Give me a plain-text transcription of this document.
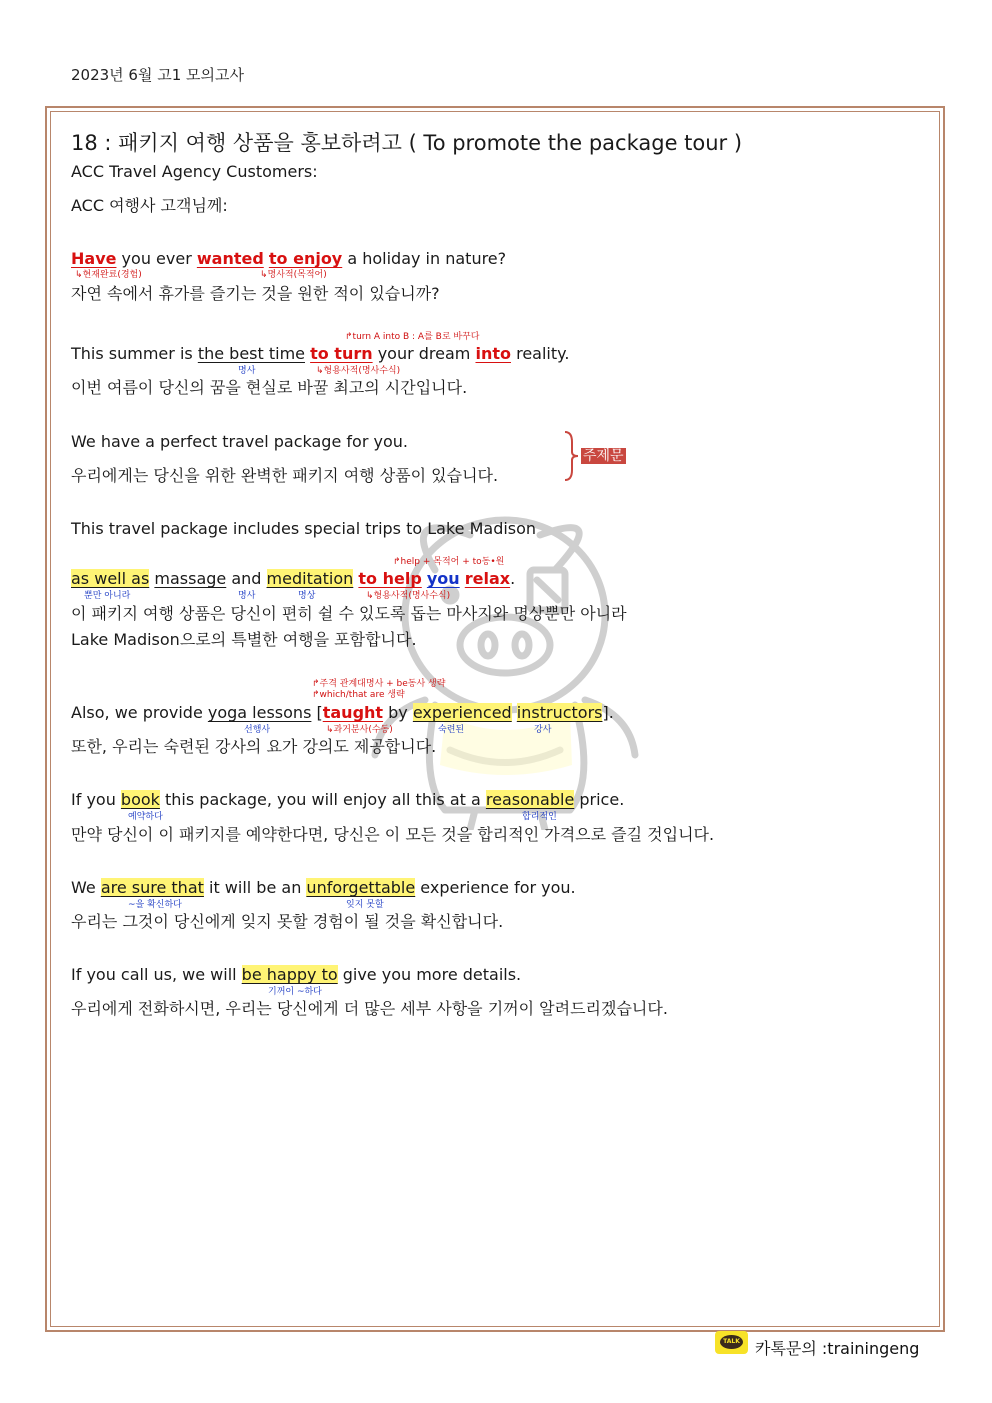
2023년 6월 고1 모의고사
18 : 패키지 여행 상품을 홍보하려고 ( To promote the package tour )
ACC Travel Agency Customers:
ACC 여행사 고객님께:
Have you ever wanted to enjoy a holiday in nature?
↳현재완료(경험)	↳명사적(목적어)
자연 속에서 휴가를 즐기는 것을 원한 적이 있습니까?
↱turn A into B : A를 B로 바꾸다
This summer is the best time to turn your dream into reality.
명사	↳형용사적(명사수식)
이번 여름이 당신의 꿈을 현실로 바꿀 최고의 시간입니다.
We have a perfect travel package for you.
우리에게는 당신을 위한 완벽한 패키지 여행 상품이 있습니다.
주제문
This travel package includes special trips to Lake Madison
↱help + 목적어 + to동•원
as well as massage and meditation to help you relax.
뿐만 아니라	명사	명상	↳형용사적(명사수식)
이 패키지 여행 상품은 당신이 편히 쉴 수 있도록 돕는 마사지와 명상뿐만 아니라
Lake Madison으로의 특별한 여행을 포함합니다.
↱주격 관계대명사 + be동사 생략
↱which/that are 생략
Also, we provide yoga lessons [taught by experienced instructors].
선행사	↳과거분사(수동)	숙련된	강사
또한, 우리는 숙련된 강사의 요가 강의도 제공합니다.
If you book this package, you will enjoy all this at a reasonable price.
예약하다	합리적인
만약 당신이 이 패키지를 예약한다면, 당신은 이 모든 것을 합리적인 가격으로 즐길 것입니다.
We are sure that it will be an unforgettable experience for you.
~을 확신하다	잊지 못할
우리는 그것이 당신에게 잊지 못할 경험이 될 것을 확신합니다.
If you call us, we will be happy to give you more details.
기꺼이 ~하다
우리에게 전화하시면, 우리는 당신에게 더 많은 세부 사항을 기꺼이 알려드리겠습니다.
TALK 카톡문의 :trainingeng
